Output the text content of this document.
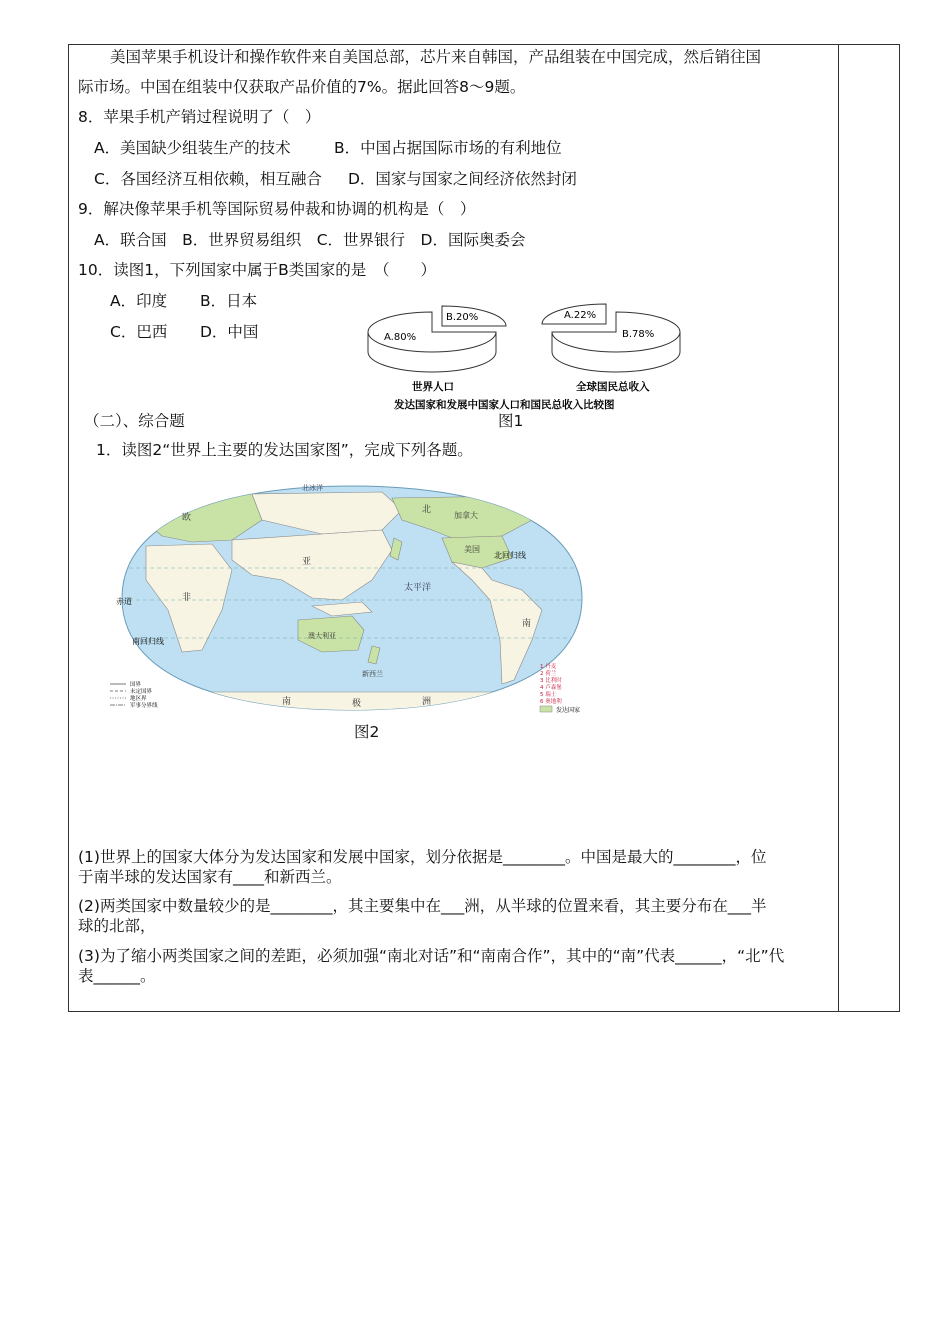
美国苹果手机设计和操作软件来自美国总部，芯片来自韩国，产品组装在中国完成，然后销往国
际市场。中国在组装中仅获取产品价值的7%。据此回答8～9题。
8．苹果手机产销过程说明了（　）
A．美国缺少组装生产的技术	B．中国占据国际市场的有利地位
C．各国经济互相依赖，相互融合 D．国家与国家之间经济依然封闭
9．解决像苹果手机等国际贸易仲裁和协调的机构是（　）
A．联合国　B．世界贸易组织　C．世界银行　D．国际奥委会
10．读图1，下列国家中属于B类国家的是　（　　）
A．印度 B．日本
C．巴西 D．中国
B.20%
A.80%
世界人口
A.22%
B.78%
全球国民总收入
发达国家和发展中国家人口和国民总收入比较图
（二）、综合题	图1
1．读图2“世界上主要的发达国家图”，完成下列各题。
北回归线
赤道
南回归线
北
加拿大
美国
澳大利亚
新西兰
太平洋
南
欧
亚
非
北冰洋
南	极	洲
国界
未定国界
地区界
军事分界线
1 丹麦
2 荷兰
3 比利时
4 卢森堡
5 瑞士
6 奥地利
发达国家
图2
(1)世界上的国家大体分为发达国家和发展中国家，划分依据是________。中国是最大的________，位
于南半球的发达国家有____和新西兰。
(2)两类国家中数量较少的是________，其主要集中在___洲，从半球的位置来看，其主要分布在___半
球的北部，
(3)为了缩小两类国家之间的差距，必须加强“南北对话”和“南南合作”，其中的“南”代表______，“北”代
表______。
